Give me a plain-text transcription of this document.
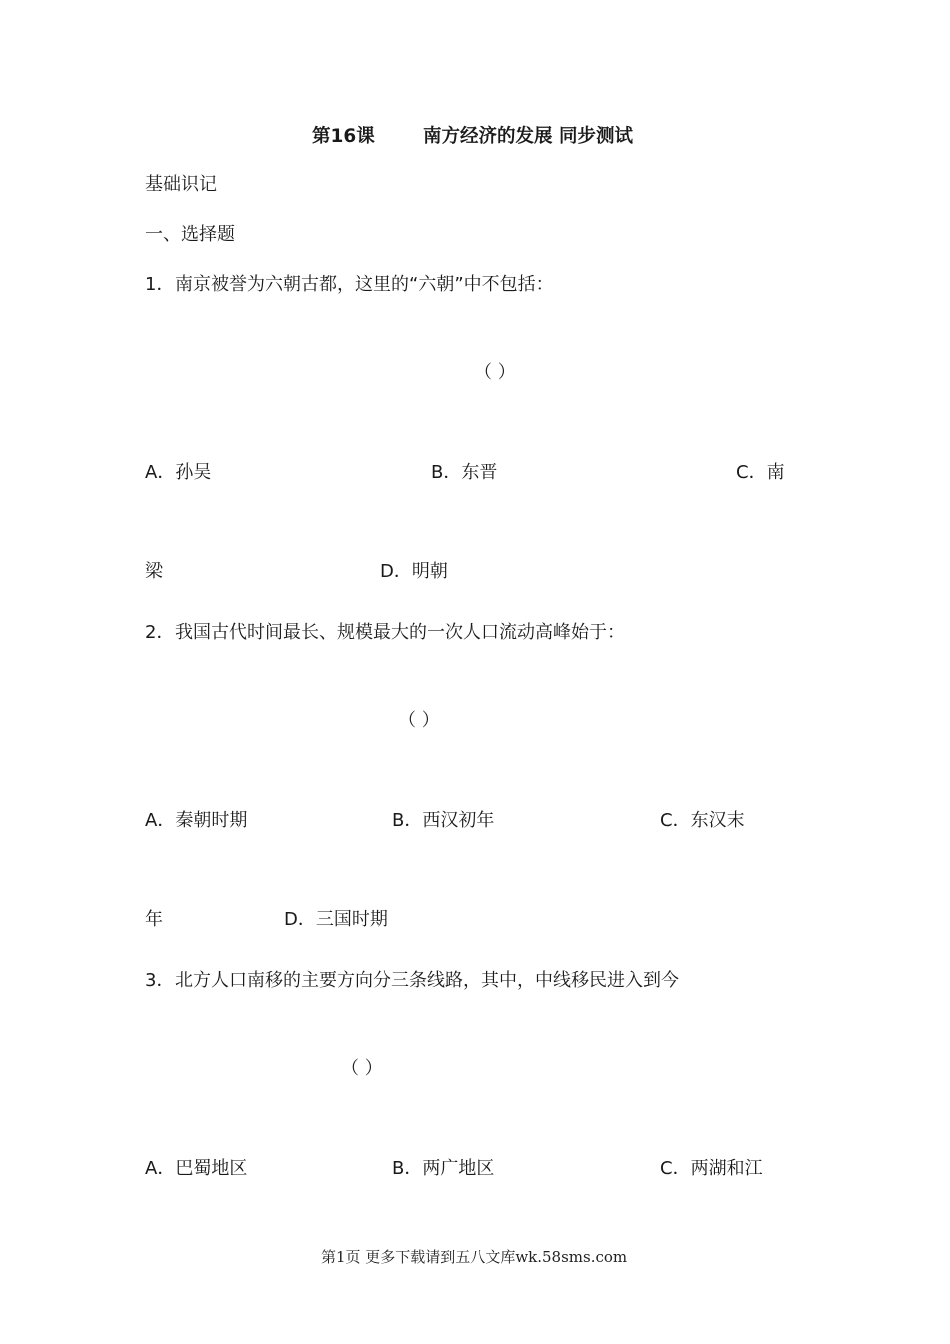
第16课	南方经济的发展 同步测试
基础识记
一、选择题
1． 南京被誉为六朝古都，这里的“六朝”中不包括：
（ ）
A．孙吴	B．东晋	C．南
梁	D．明朝
2． 我国古代时间最长、规模最大的一次人口流动高峰始于：
（ ）
A．秦朝时期	B．西汉初年	C．东汉末
年	D．三国时期
3． 北方人口南移的主要方向分三条线路，其中，中线移民进入到今
（ ）
A．巴蜀地区	B．两广地区	C．两湖和江
第1页 更多下载请到五八文库wk.58sms.com
